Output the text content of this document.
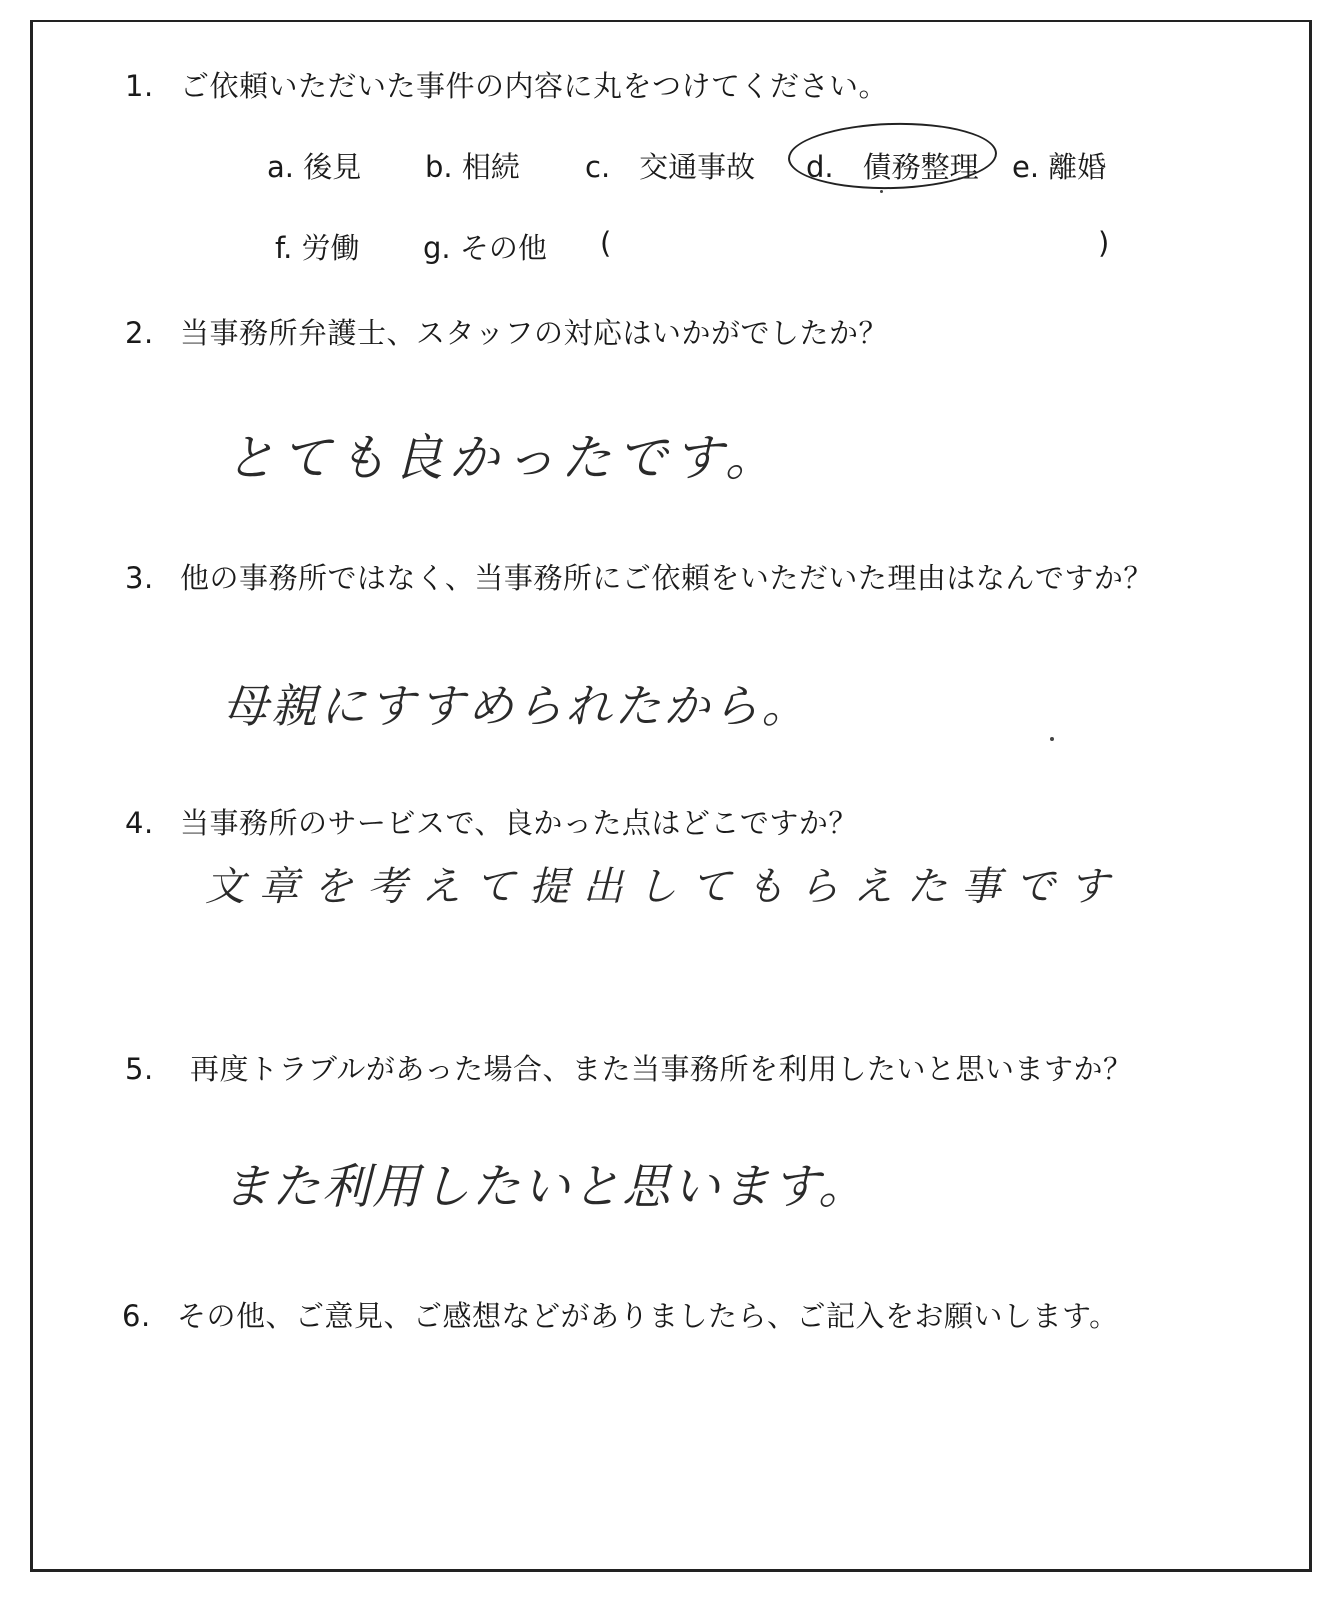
1. ご依頼いただいた事件の内容に丸をつけてください。
a. 後見 b. 相続 c.　交通事故 d.　債務整理 e. 離婚
f. 労働 g. その他 (	)
2. 当事務所弁護士、スタッフの対応はいかがでしたか？
とても良かったです。
3. 他の事務所ではなく、当事務所にご依頼をいただいた理由はなんですか？
母親にすすめられたから。
4. 当事務所のサービスで、良かった点はどこですか？
文章を考えて提出してもらえた事です
5. 再度トラブルがあった場合、また当事務所を利用したいと思いますか？
また利用したいと思います。
6. その他、ご意見、ご感想などがありましたら、ご記入をお願いします。
